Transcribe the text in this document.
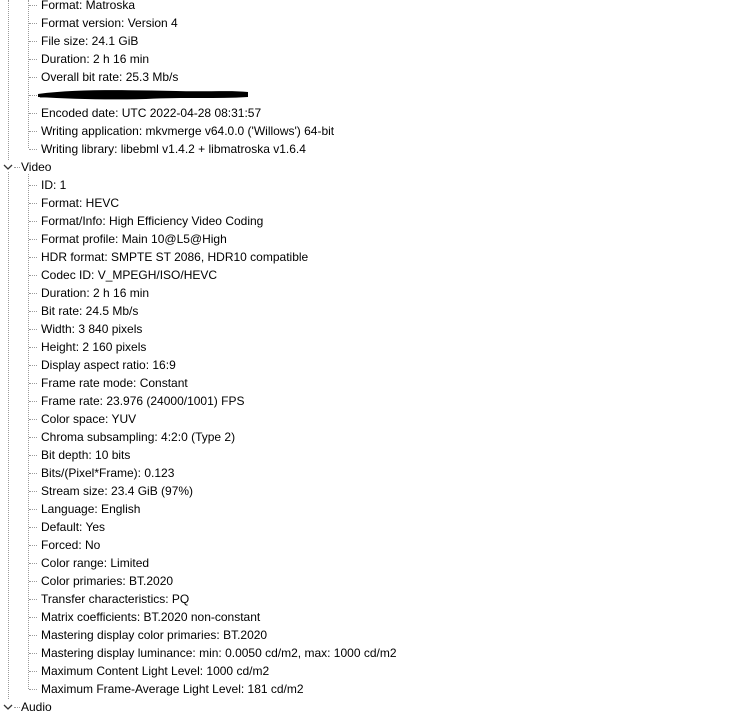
Format: Matroska
Format version: Version 4
File size: 24.1 GiB
Duration: 2 h 16 min
Overall bit rate: 25.3 Mb/s
Encoded date: UTC 2022-04-28 08:31:57
Writing application: mkvmerge v64.0.0 ('Willows') 64-bit
Writing library: libebml v1.4.2 + libmatroska v1.6.4
Video
ID: 1
Format: HEVC
Format/Info: High Efficiency Video Coding
Format profile: Main 10@L5@High
HDR format: SMPTE ST 2086, HDR10 compatible
Codec ID: V_MPEGH/ISO/HEVC
Duration: 2 h 16 min
Bit rate: 24.5 Mb/s
Width: 3 840 pixels
Height: 2 160 pixels
Display aspect ratio: 16:9
Frame rate mode: Constant
Frame rate: 23.976 (24000/1001) FPS
Color space: YUV
Chroma subsampling: 4:2:0 (Type 2)
Bit depth: 10 bits
Bits/(Pixel*Frame): 0.123
Stream size: 23.4 GiB (97%)
Language: English
Default: Yes
Forced: No
Color range: Limited
Color primaries: BT.2020
Transfer characteristics: PQ
Matrix coefficients: BT.2020 non-constant
Mastering display color primaries: BT.2020
Mastering display luminance: min: 0.0050 cd/m2, max: 1000 cd/m2
Maximum Content Light Level: 1000 cd/m2
Maximum Frame-Average Light Level: 181 cd/m2
Audio
